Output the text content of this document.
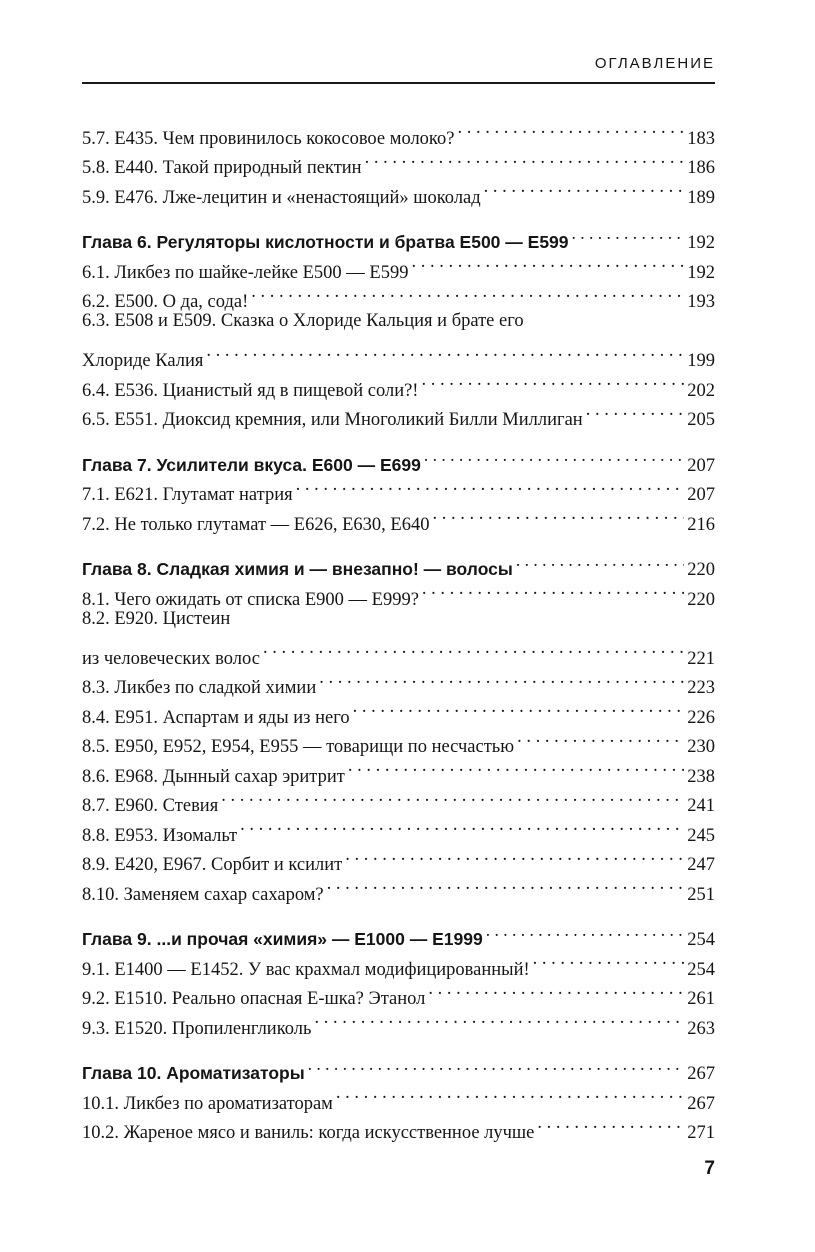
ОГЛАВЛЕНИЕ
5.7. E435. Чем провинилось кокосовое молоко? . . .	183
5.8. E440. Такой природный пектин . . .	186
5.9. E476. Лже-лецитин и «ненастоящий» шоколад . . .	189
Глава 6. Регуляторы кислотности и братва E500 — E599 . . .	192
6.1. Ликбез по шайке-лейке E500 — E599 . . .	192
6.2. E500. О да, сода! . . .	193
6.3. E508 и E509. Сказка о Хлориде Кальция и брате его
Хлориде Калия . . .	199
6.4. E536. Цианистый яд в пищевой соли?! . . .	202
6.5. E551. Диоксид кремния, или Многоликий Билли Миллиган . . .	205
Глава 7. Усилители вкуса. E600 — E699 . . .	207
7.1. E621. Глутамат натрия . . .	207
7.2. Не только глутамат — E626, E630, E640 . . .	216
Глава 8. Сладкая химия и — внезапно! — волосы . . .	220
8.1. Чего ожидать от списка E900 — E999? . . .	220
8.2. E920. Цистеин
из человеческих волос . . .	221
8.3. Ликбез по сладкой химии . . .	223
8.4. E951. Аспартам и яды из него . . .	226
8.5. E950, E952, E954, E955 — товарищи по несчастью . . .	230
8.6. E968. Дынный сахар эритрит . . .	238
8.7. E960. Стевия . . .	241
8.8. E953. Изомальт . . .	245
8.9. E420, E967. Сорбит и ксилит . . .	247
8.10. Заменяем сахар сахаром? . . .	251
Глава 9. ...и прочая «химия» — E1000 — E1999 . . .	254
9.1. E1400 — E1452. У вас крахмал модифицированный! . . .	254
9.2. E1510. Реально опасная Е-шка? Этанол . . .	261
9.3. E1520. Пропиленгликоль . . .	263
Глава 10. Ароматизаторы . . .	267
10.1. Ликбез по ароматизаторам . . .	267
10.2. Жареное мясо и ваниль: когда искусственное лучше . . .	271
7
